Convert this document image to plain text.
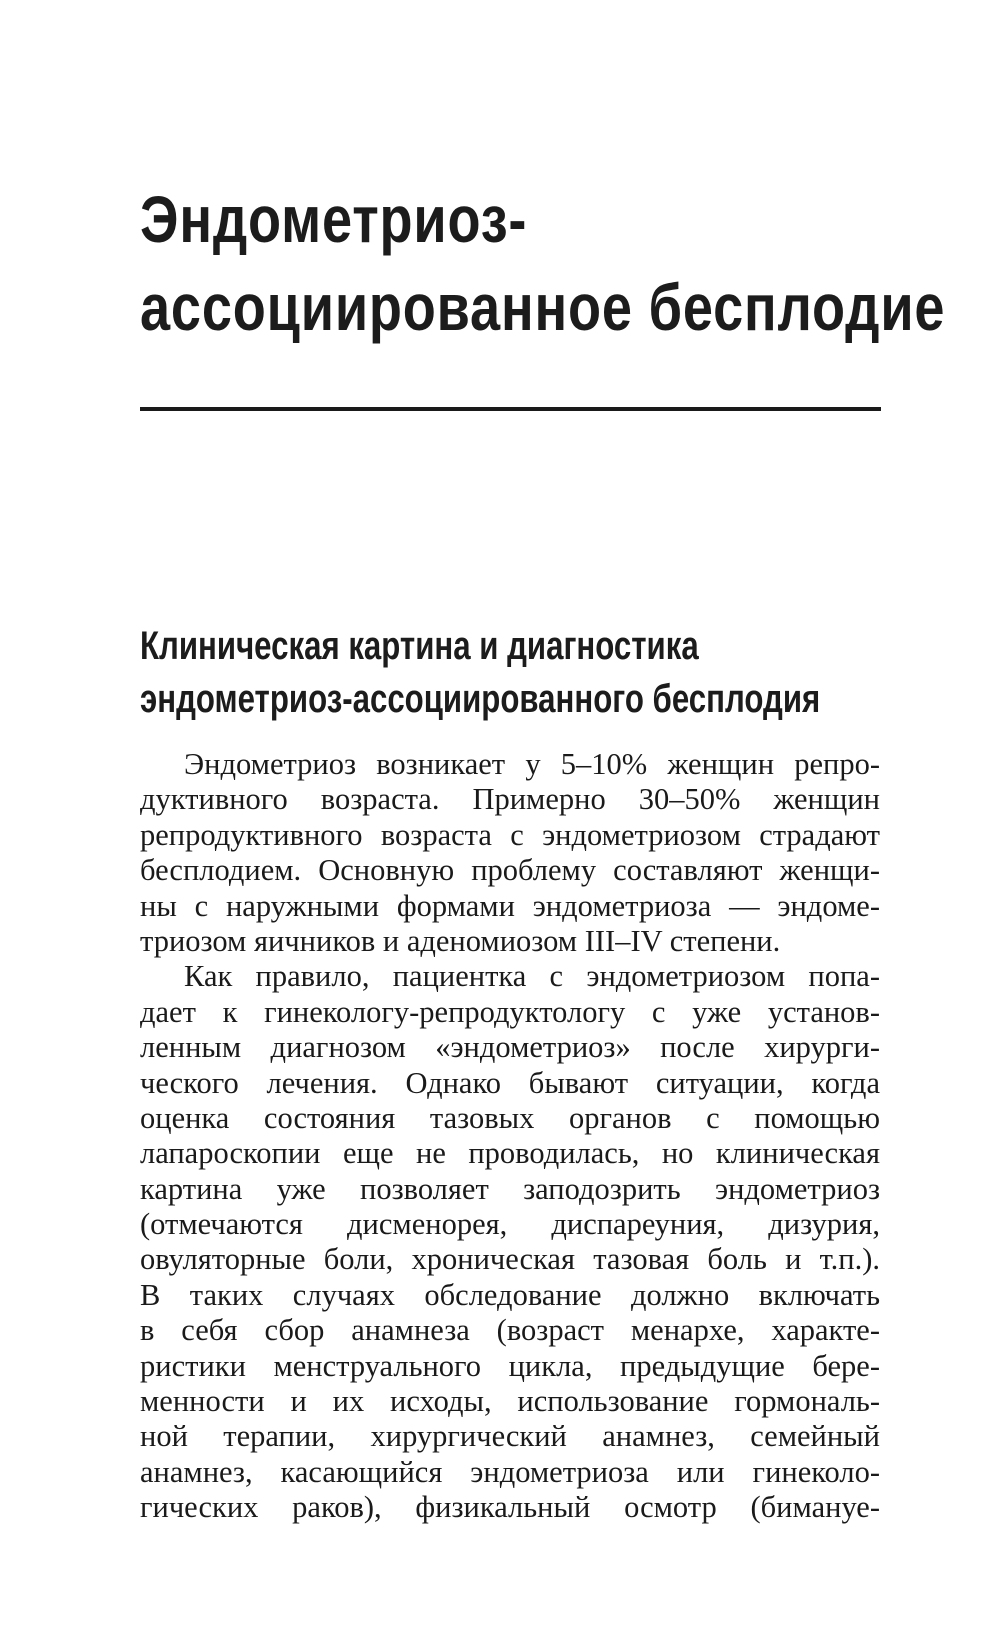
Эндометриоз-
ассоциированное бесплодие
Клиническая картина и диагностика
эндометриоз-ассоциированного бесплодия

Эндометриоз возникает у 5–10% женщин репро-
дуктивного возраста. Примерно 30–50% женщин
репродуктивного возраста с эндометриозом страдают
бесплодием. Основную проблему составляют женщи-
ны с наружными формами эндометриоза — эндоме-
триозом яичников и аденомиозом III–IV степени.

Как правило, пациентка с эндометриозом попа-
дает к гинекологу-репродуктологу с уже установ-
ленным диагнозом «эндометриоз» после хирурги-
ческого лечения. Однако бывают ситуации, когда
оценка состояния тазовых органов с помощью
лапароскопии еще не проводилась, но клиническая
картина уже позволяет заподозрить эндометриоз
(отмечаются дисменорея, диспареуния, дизурия,
овуляторные боли, хроническая тазовая боль и т.п.).
В таких случаях обследование должно включать
в себя сбор анамнеза (возраст менархе, характе-
ристики менструального цикла, предыдущие бере-
менности и их исходы, использование гормональ-
ной терапии, хирургический анамнез, семейный
анамнез, касающийся эндометриоза или гинеколо-
гических раков), физикальный осмотр (бимануе-
